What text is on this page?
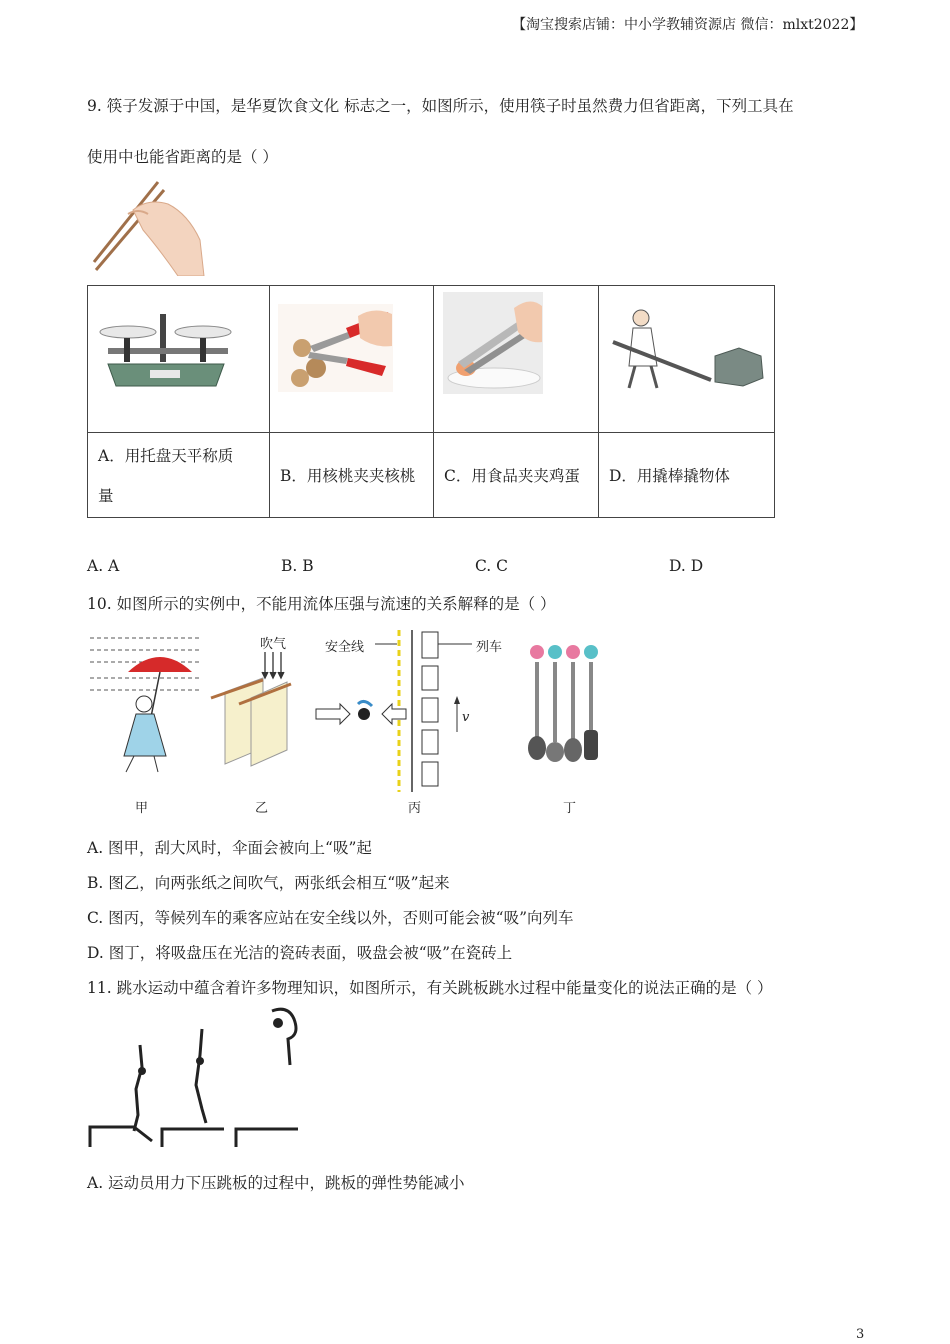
【淘宝搜索店铺：中小学教辅资源店 微信：mlxt2022】
9. 筷子发源于中国，是华夏饮食文化 标志之一，如图所示，使用筷子时虽然费力但省距离，下列工具在
使用中也能省距离的是（ ）

A．用托盘天平称质
量	B．用核桃夹夹核桃	C．用食品夹夹鸡蛋	D．用撬棒撬物体
A. A	B. B	C. C	D. D
10. 如图所示的实例中，不能用流体压强与流速的关系解释的是（ ）
吹气	安全线	列车
v
甲	乙	丙	丁
A. 图甲，刮大风时，伞面会被向上“吸”起
B. 图乙，向两张纸之间吹气，两张纸会相互“吸”起来
C. 图丙，等候列车的乘客应站在安全线以外，否则可能会被“吸”向列车
D. 图丁，将吸盘压在光洁的瓷砖表面，吸盘会被“吸”在瓷砖上
11. 跳水运动中蕴含着许多物理知识，如图所示，有关跳板跳水过程中能量变化的说法正确的是（ ）
A. 运动员用力下压跳板的过程中，跳板的弹性势能减小
3
